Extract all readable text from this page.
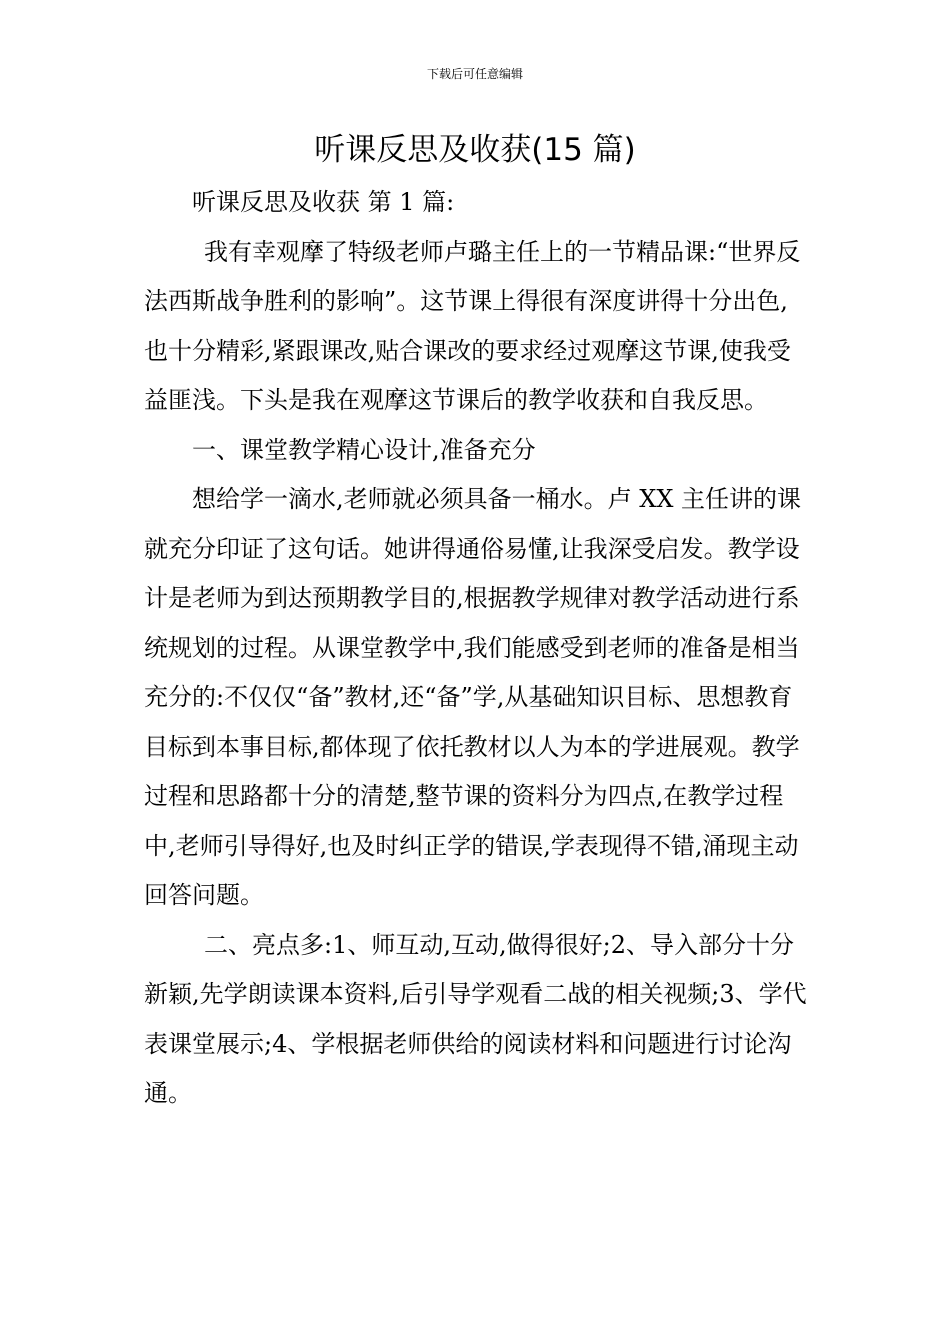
下载后可任意编辑
听课反思及收获(15 篇)

听课反思及收获 第 1 篇:

我有幸观摩了特级老师卢璐主任上的一节精品课:“世界反法西斯战争胜利的影响”。这节课上得很有深度讲得十分出色,也十分精彩,紧跟课改,贴合课改的要求经过观摩这节课,使我受益匪浅。下头是我在观摩这节课后的教学收获和自我反思。

一、课堂教学精心设计,准备充分

想给学一滴水,老师就必须具备一桶水。卢 XX 主任讲的课就充分印证了这句话。她讲得通俗易懂,让我深受启发。教学设计是老师为到达预期教学目的,根据教学规律对教学活动进行系统规划的过程。从课堂教学中,我们能感受到老师的准备是相当充分的:不仅仅“备”教材,还“备”学,从基础知识目标、思想教育目标到本事目标,都体现了依托教材以人为本的学进展观。教学过程和思路都十分的清楚,整节课的资料分为四点,在教学过程中,老师引导得好,也及时纠正学的错误,学表现得不错,涌现主动回答问题。

二、亮点多:1、师互动,互动,做得很好;2、导入部分十分新颖,先学朗读课本资料,后引导学观看二战的相关视频;3、学代表课堂展示;4、学根据老师供给的阅读材料和问题进行讨论沟通。
